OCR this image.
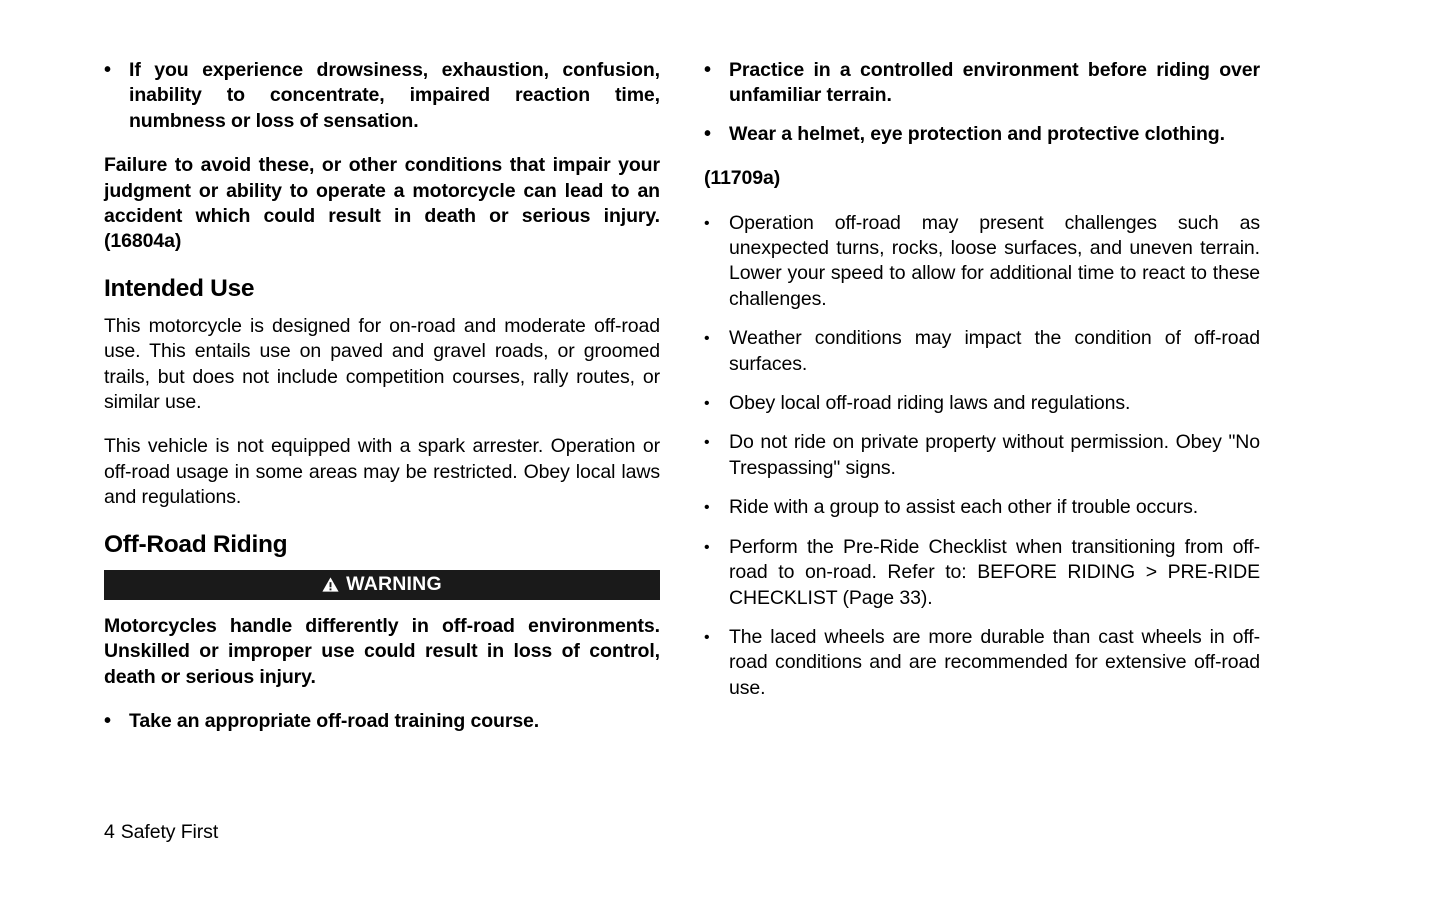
• If you experience drowsiness, exhaustion, confusion, inability to concentrate, impaired reaction time, numbness or loss of sensation.

Failure to avoid these, or other conditions that impair your judgment or ability to operate a motorcycle can lead to an accident which could result in death or serious injury. (16804a)

Intended Use

This motorcycle is designed for on-road and moderate off-road use. This entails use on paved and gravel roads, or groomed trails, but does not include competition courses, rally routes, or similar use.

This vehicle is not equipped with a spark arrester. Operation or off-road usage in some areas may be restricted. Obey local laws and regulations.

Off-Road Riding
WARNING

Motorcycles handle differently in off-road environments. Unskilled or improper use could result in loss of control, death or serious injury.

• Take an appropriate off-road training course.
• Practice in a controlled environment before riding over unfamiliar terrain.
• Wear a helmet, eye protection and protective clothing.

(11709a)

• Operation off-road may present challenges such as unexpected turns, rocks, loose surfaces, and uneven terrain. Lower your speed to allow for additional time to react to these challenges.
• Weather conditions may impact the condition of off-road surfaces.
• Obey local off-road riding laws and regulations.
• Do not ride on private property without permission. Obey "No Trespassing" signs.
• Ride with a group to assist each other if trouble occurs.
• Perform the Pre-Ride Checklist when transitioning from off-road to on-road. Refer to: BEFORE RIDING > PRE-RIDE CHECKLIST (Page 33).
• The laced wheels are more durable than cast wheels in off-road conditions and are recommended for extensive off-road use.
4 Safety First
